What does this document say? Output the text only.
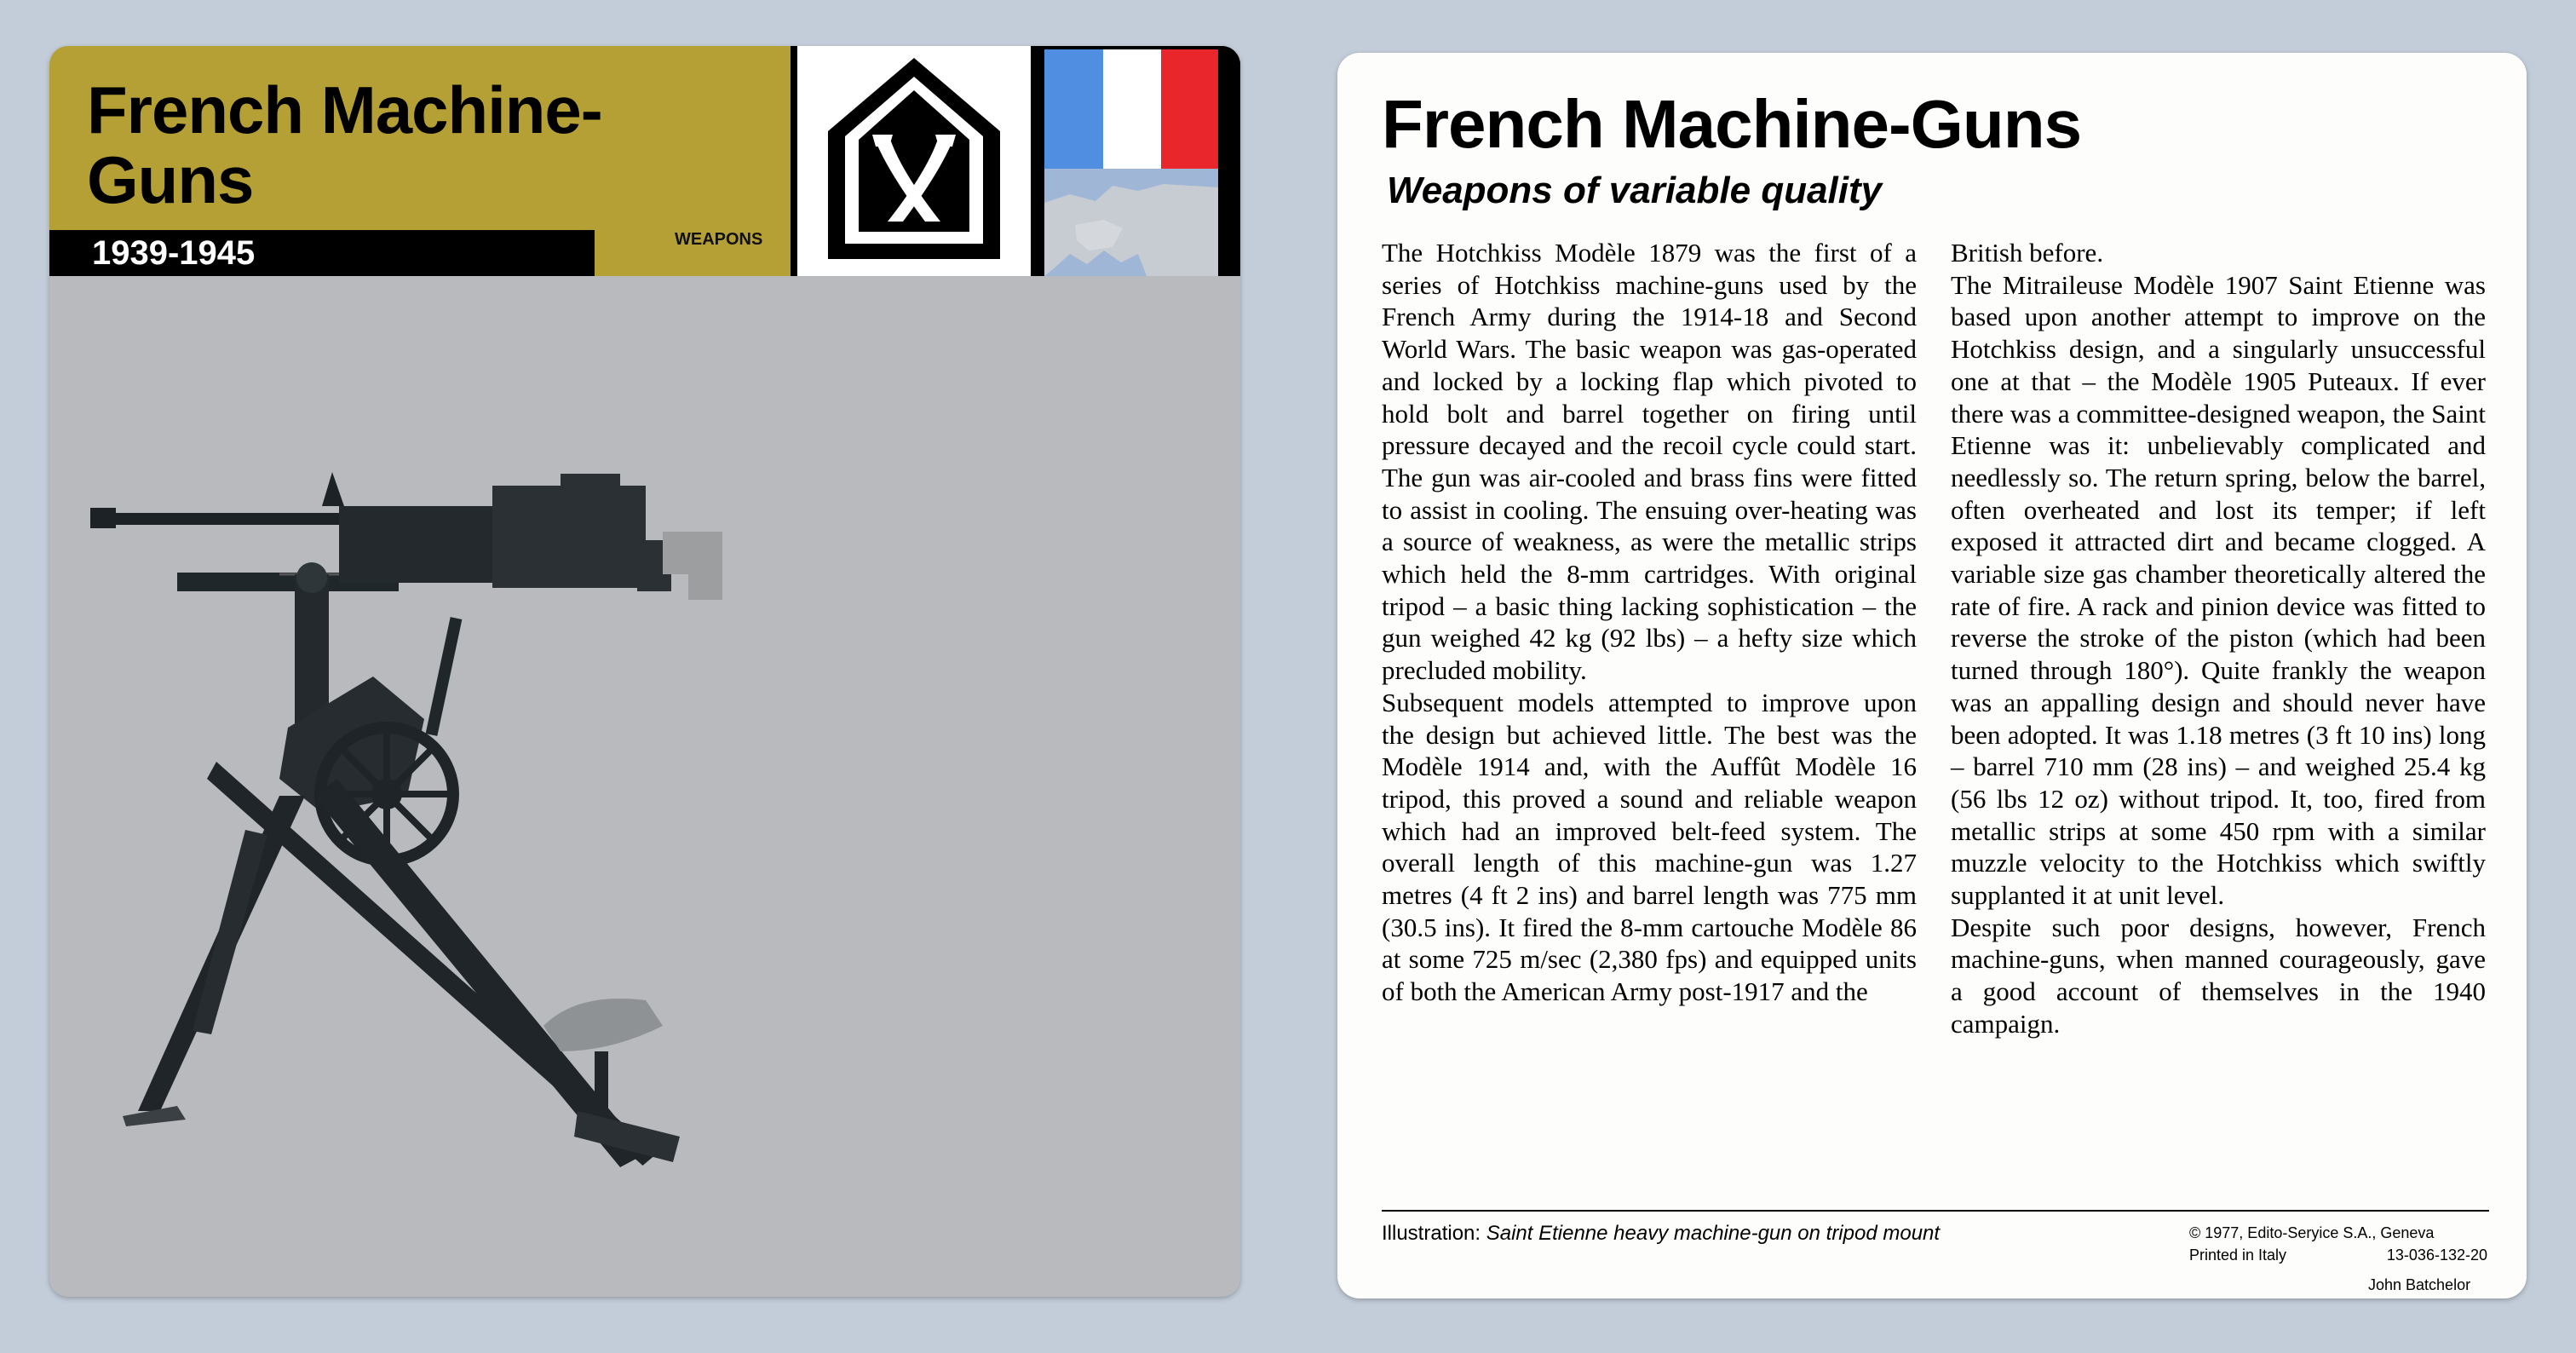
French Machine-
Guns
1939-1945	WEAPONS
French Machine-Guns
Weapons of variable quality

The Hotchkiss Modèle 1879 was the first of a series of Hotchkiss machine-guns used by the French Army during the 1914-18 and Second World Wars. The basic weapon was gas-operated and locked by a locking flap which pivoted to hold bolt and barrel together on firing until pressure decayed and the recoil cycle could start. The gun was air-cooled and brass fins were fitted to assist in cooling. The ensuing over-heating was a source of weakness, as were the metallic strips which held the 8-mm cartridges. With original tripod – a basic thing lacking sophistication – the gun weighed 42 kg (92 lbs) – a hefty size which precluded mobility.

Subsequent models attempted to improve upon the design but achieved little. The best was the Modèle 1914 and, with the Auffût Modèle 16 tripod, this proved a sound and reliable weapon which had an improved belt-feed system. The overall length of this machine-gun was 1.27 metres (4 ft 2 ins) and barrel length was 775 mm (30.5 ins). It fired the 8-mm cartouche Modèle 86 at some 725 m/sec (2,380 fps) and equipped units of both the American Army post-1917 and the

British before.

The Mitraileuse Modèle 1907 Saint Etienne was based upon another attempt to improve on the Hotchkiss design, and a singularly unsuccessful one at that – the Modèle 1905 Puteaux. If ever there was a committee-designed weapon, the Saint Etienne was it: unbelievably complicated and needlessly so. The return spring, below the barrel, often overheated and lost its temper; if left exposed it attracted dirt and became clogged. A variable size gas chamber theoretically altered the rate of fire. A rack and pinion device was fitted to reverse the stroke of the piston (which had been turned through 180°). Quite frankly the weapon was an appalling design and should never have been adopted. It was 1.18 metres (3 ft 10 ins) long – barrel 710 mm (28 ins) – and weighed 25.4 kg (56 lbs 12 oz) without tripod. It, too, fired from metallic strips at some 450 rpm with a similar muzzle velocity to the Hotchkiss which swiftly supplanted it at unit level.

Despite such poor designs, however, French machine-guns, when manned courageously, gave a good account of themselves in the 1940 campaign.

Illustration: Saint Etienne heavy machine-gun on tripod mount	© 1977, Edito-Seryice S.A., Geneva
Printed in Italy	13-036-132-20
John Batchelor
